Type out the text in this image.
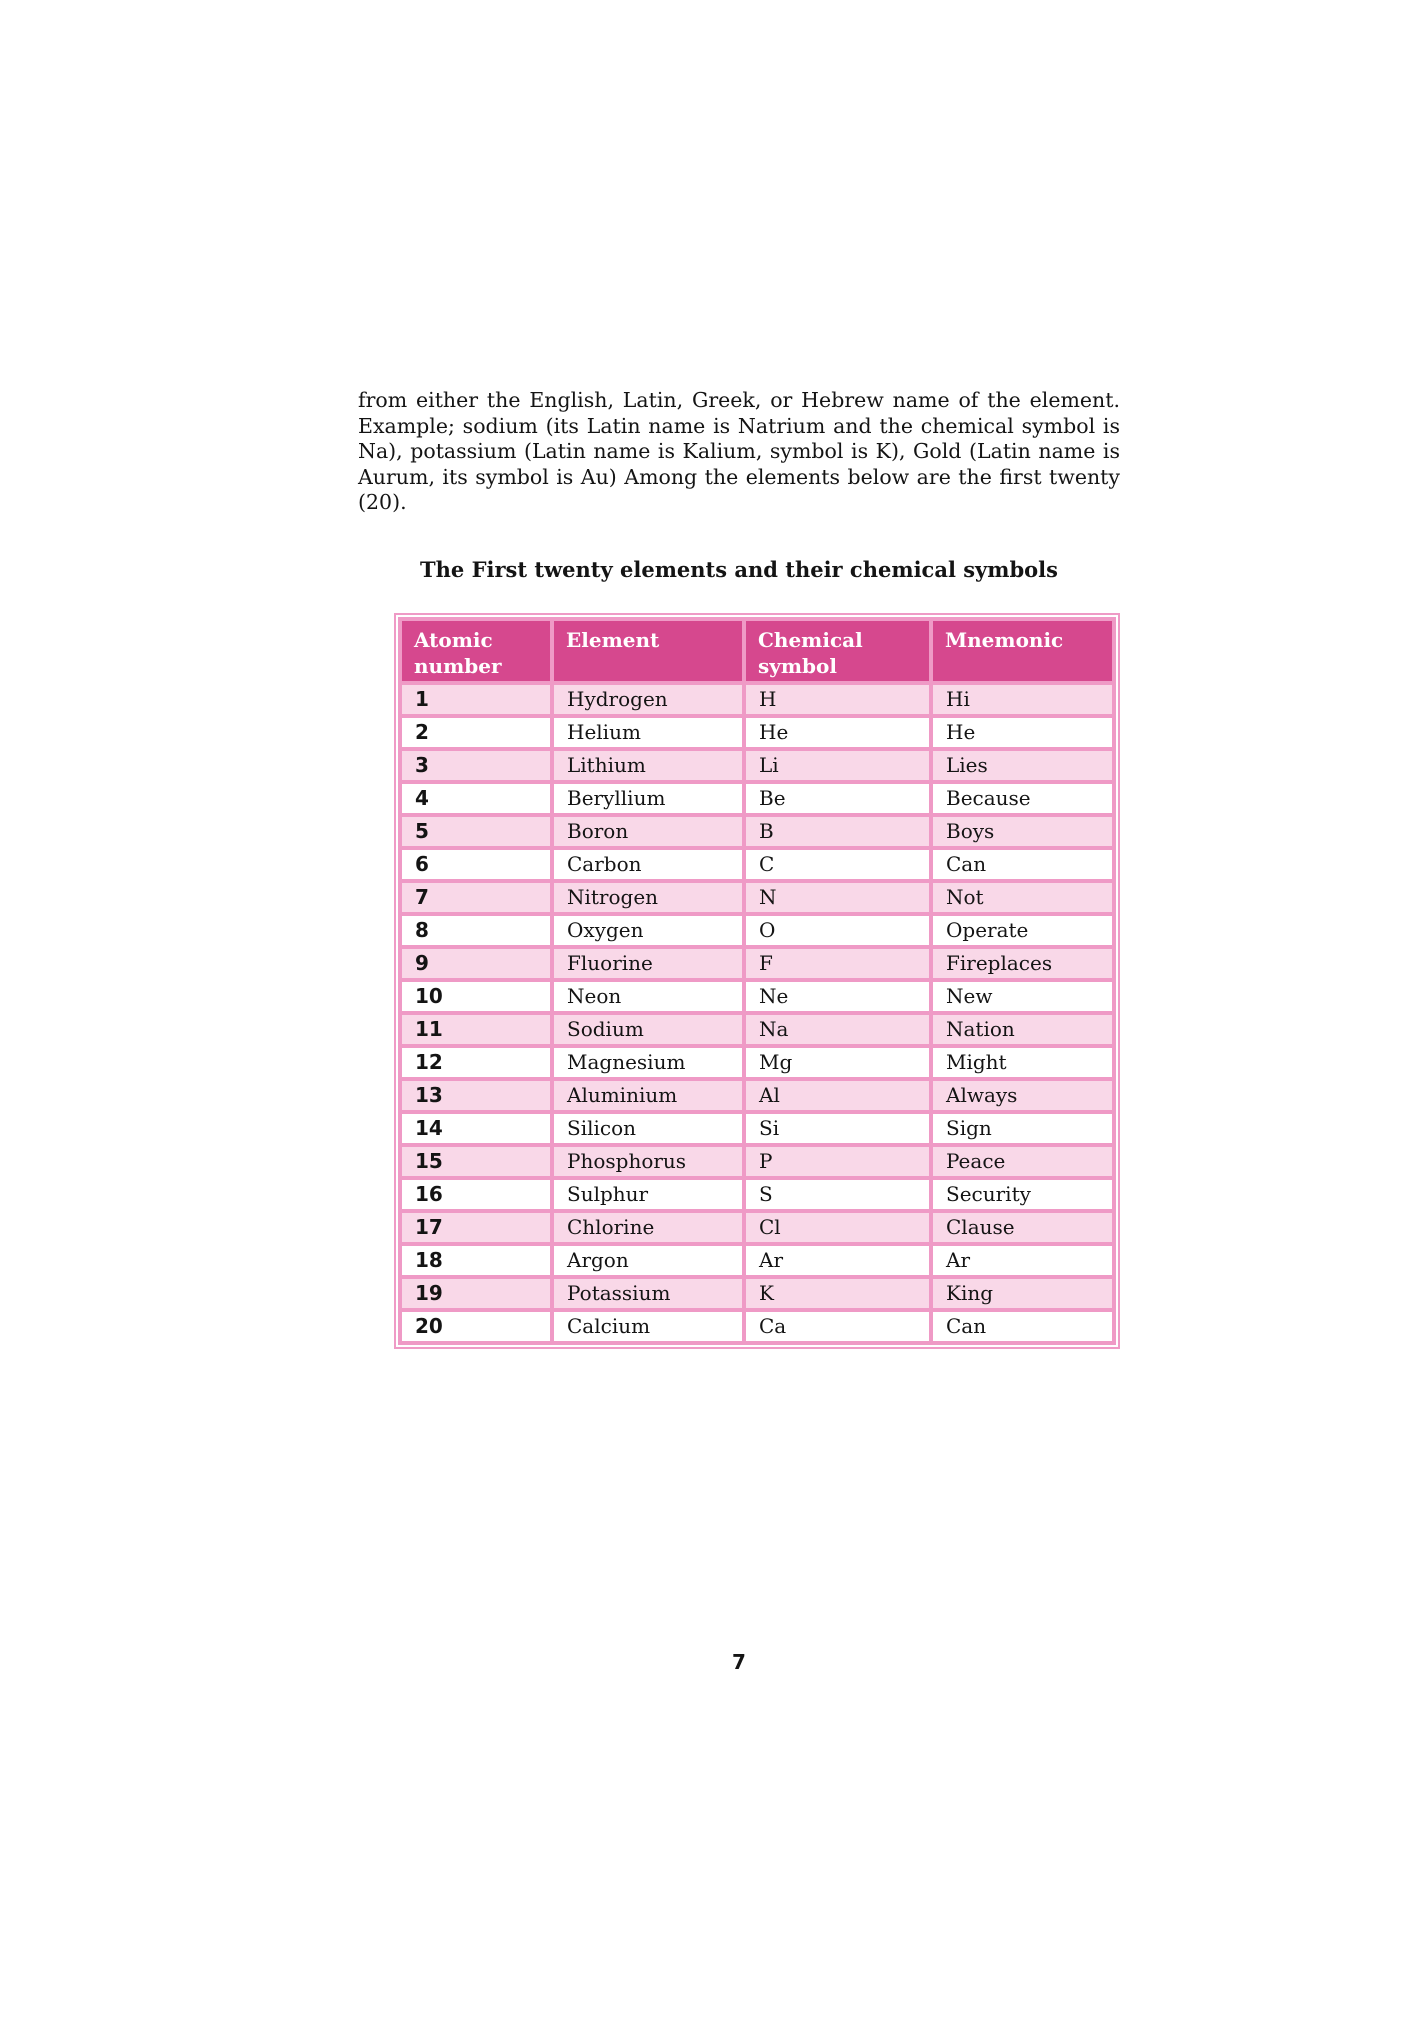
from either the English, Latin, Greek, or Hebrew name of the element. Example; sodium (its Latin name is Natrium and the chemical symbol is Na), potassium (Latin name is Kalium, symbol is K), Gold (Latin name is Aurum, its symbol is Au) Among the elements below are the first twenty (20).

The First twenty elements and their chemical symbols
Atomic number	Element	Chemical symbol	Mnemonic
1	Hydrogen	H	Hi
2	Helium	He	He
3	Lithium	Li	Lies
4	Beryllium	Be	Because
5	Boron	B	Boys
6	Carbon	C	Can
7	Nitrogen	N	Not
8	Oxygen	O	Operate
9	Fluorine	F	Fireplaces
10	Neon	Ne	New
11	Sodium	Na	Nation
12	Magnesium	Mg	Might
13	Aluminium	Al	Always
14	Silicon	Si	Sign
15	Phosphorus	P	Peace
16	Sulphur	S	Security
17	Chlorine	Cl	Clause
18	Argon	Ar	Ar
19	Potassium	K	King
20	Calcium	Ca	Can
7
